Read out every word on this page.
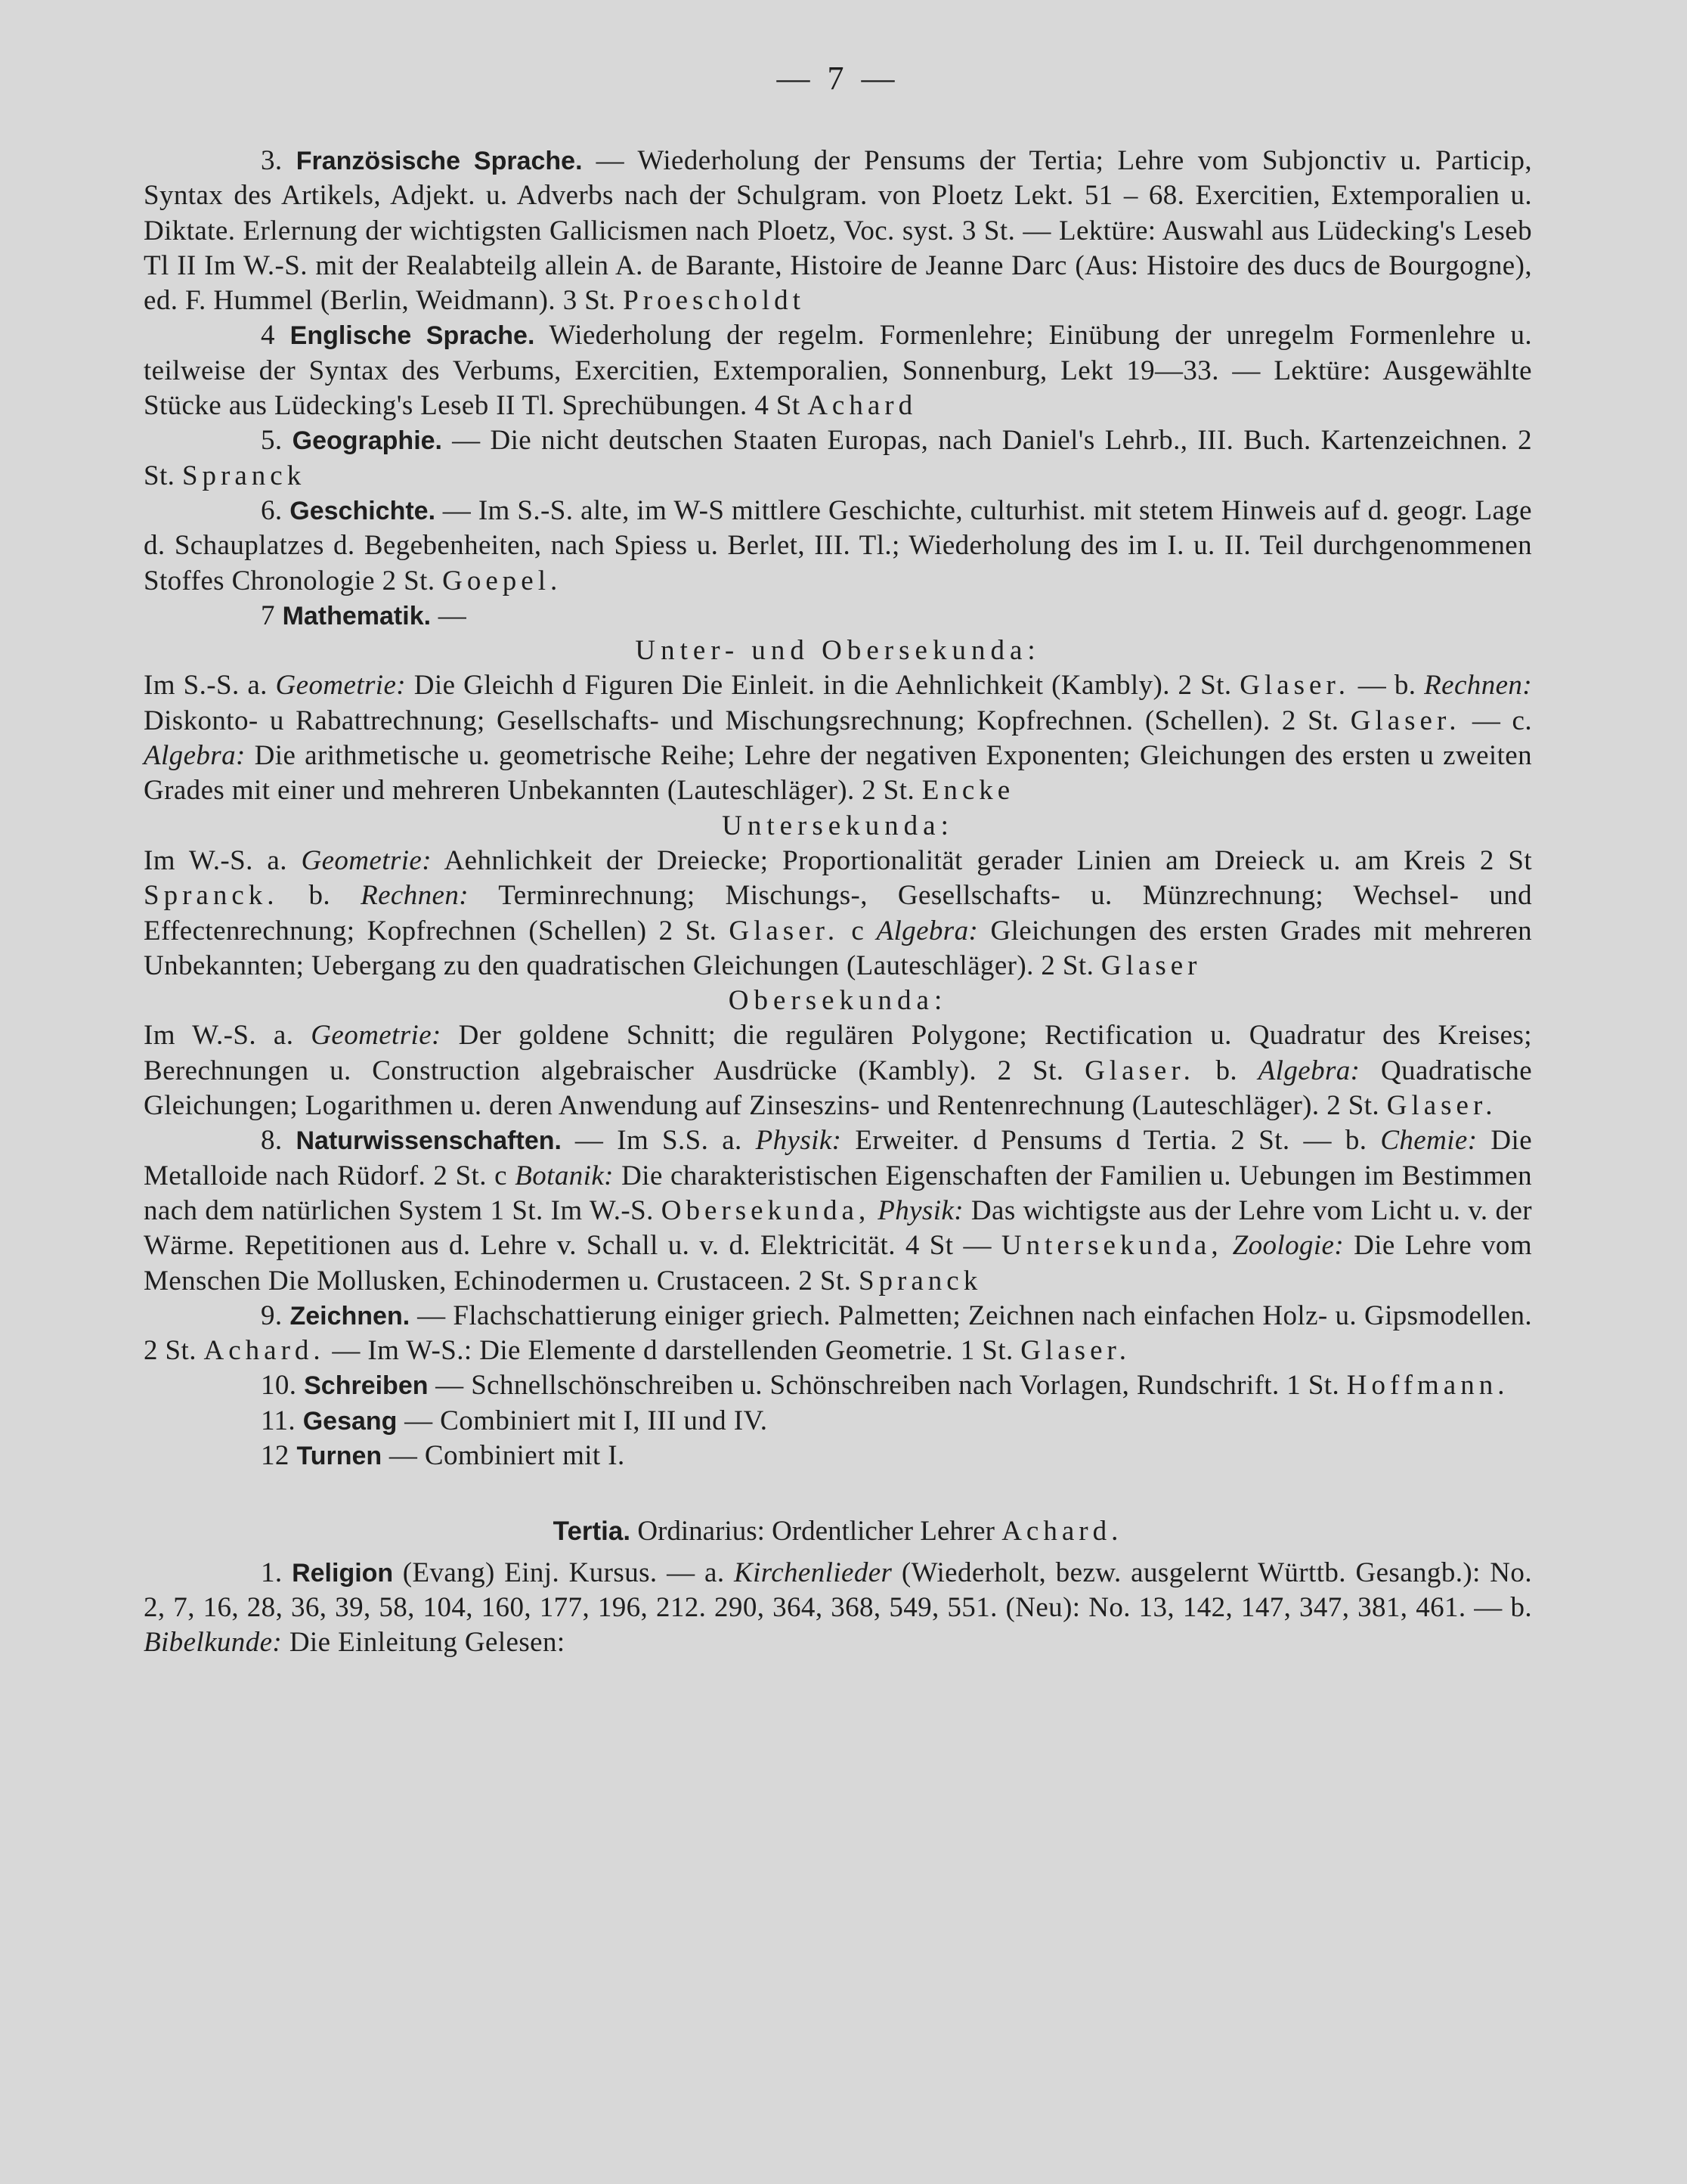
— 7 —

3. Französische Sprache. — Wiederholung der Pensums der Tertia; Lehre vom Subjonctiv u. Particip, Syntax des Artikels, Adjekt. u. Adverbs nach der Schulgram. von Ploetz Lekt. 51 – 68. Exercitien, Extemporalien u. Diktate. Erlernung der wichtigsten Gallicismen nach Ploetz, Voc. syst. 3 St. — Lektüre: Auswahl aus Lüdecking's Leseb Tl II Im W.-S. mit der Realabteilg allein A. de Barante, Histoire de Jeanne Darc (Aus: Histoire des ducs de Bourgogne), ed. F. Hummel (Berlin, Weidmann). 3 St. Proescholdt

4 Englische Sprache. Wiederholung der regelm. Formenlehre; Einübung der unregelm Formenlehre u. teilweise der Syntax des Verbums, Exercitien, Extemporalien, Sonnenburg, Lekt 19—33. — Lektüre: Ausgewählte Stücke aus Lüdecking's Leseb II Tl. Sprechübungen. 4 St Achard

5. Geographie. — Die nicht deutschen Staaten Europas, nach Daniel's Lehrb., III. Buch. Kartenzeichnen. 2 St. Spranck

6. Geschichte. — Im S.-S. alte, im W-S mittlere Geschichte, culturhist. mit stetem Hinweis auf d. geogr. Lage d. Schauplatzes d. Begebenheiten, nach Spiess u. Berlet, III. Tl.; Wiederholung des im I. u. II. Teil durchgenommenen Stoffes Chronologie 2 St. Goepel.

7 Mathematik. —

Unter- und Obersekunda:

Im S.-S. a. Geometrie: Die Gleichh d Figuren Die Einleit. in die Aehnlichkeit (Kambly). 2 St. Glaser. — b. Rechnen: Diskonto- u Rabattrechnung; Gesellschafts- und Mischungsrechnung; Kopfrechnen. (Schellen). 2 St. Glaser. — c. Algebra: Die arithmetische u. geometrische Reihe; Lehre der negativen Exponenten; Gleichungen des ersten u zweiten Grades mit einer und mehreren Unbekannten (Lauteschläger). 2 St. Encke

Untersekunda:

Im W.-S. a. Geometrie: Aehnlichkeit der Dreiecke; Proportionalität gerader Linien am Dreieck u. am Kreis 2 St Spranck. b. Rechnen: Terminrechnung; Mischungs-, Gesellschafts- u. Münzrechnung; Wechsel- und Effectenrechnung; Kopfrechnen (Schellen) 2 St. Glaser. c Algebra: Gleichungen des ersten Grades mit mehreren Unbekannten; Uebergang zu den quadratischen Gleichungen (Lauteschläger). 2 St. Glaser

Obersekunda:

Im W.-S. a. Geometrie: Der goldene Schnitt; die regulären Polygone; Rectification u. Quadratur des Kreises; Berechnungen u. Construction algebraischer Ausdrücke (Kambly). 2 St. Glaser. b. Algebra: Quadratische Gleichungen; Logarithmen u. deren Anwendung auf Zinseszins- und Rentenrechnung (Lauteschläger). 2 St. Glaser.

8. Naturwissenschaften. — Im S.S. a. Physik: Erweiter. d Pensums d Tertia. 2 St. — b. Chemie: Die Metalloide nach Rüdorf. 2 St. c Botanik: Die charakteristischen Eigenschaften der Familien u. Uebungen im Bestimmen nach dem natürlichen System 1 St. Im W.-S. Obersekunda, Physik: Das wichtigste aus der Lehre vom Licht u. v. der Wärme. Repetitionen aus d. Lehre v. Schall u. v. d. Elektricität. 4 St — Untersekunda, Zoologie: Die Lehre vom Menschen Die Mollusken, Echinodermen u. Crustaceen. 2 St. Spranck

9. Zeichnen. — Flachschattierung einiger griech. Palmetten; Zeichnen nach einfachen Holz- u. Gipsmodellen. 2 St. Achard. — Im W-S.: Die Elemente d darstellenden Geometrie. 1 St. Glaser.

10. Schreiben — Schnellschönschreiben u. Schönschreiben nach Vorlagen, Rundschrift. 1 St. Hoffmann.

11. Gesang — Combiniert mit I, III und IV.

12 Turnen — Combiniert mit I.

Tertia. Ordinarius: Ordentlicher Lehrer Achard.

1. Religion (Evang) Einj. Kursus. — a. Kirchenlieder (Wiederholt, bezw. ausgelernt Württb. Gesangb.): No. 2, 7, 16, 28, 36, 39, 58, 104, 160, 177, 196, 212. 290, 364, 368, 549, 551. (Neu): No. 13, 142, 147, 347, 381, 461. — b. Bibelkunde: Die Einleitung Gelesen:
